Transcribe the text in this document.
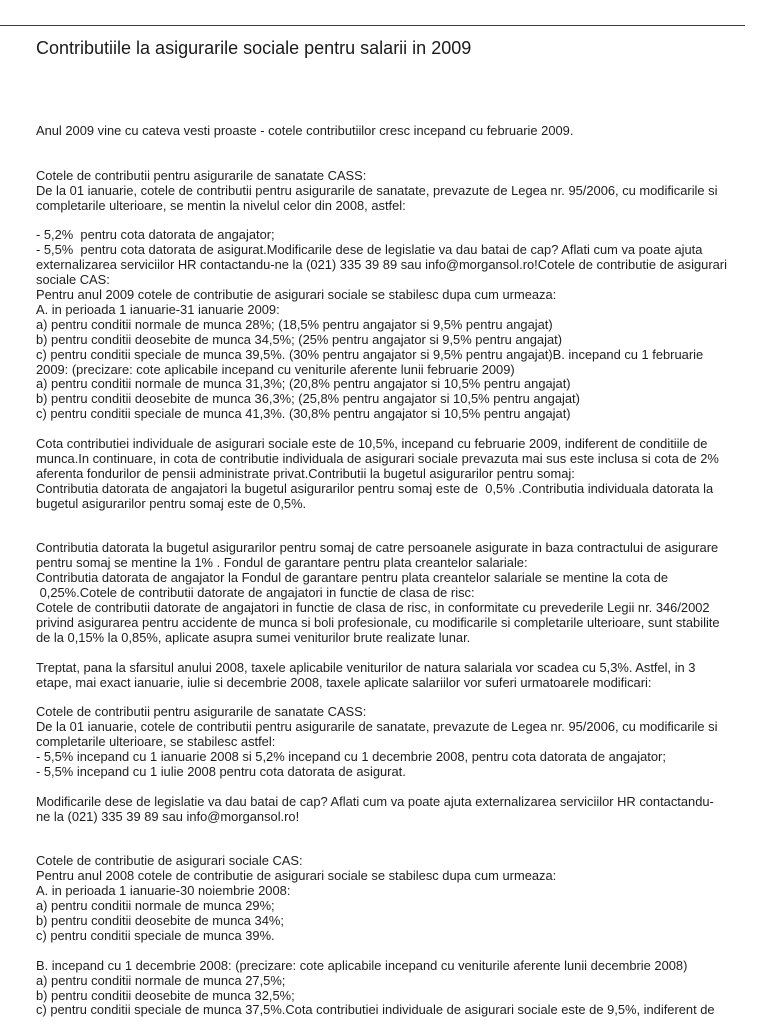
Contributiile la asigurarile sociale pentru salarii in 2009
Anul 2009 vine cu cateva vesti proaste - cotele contributiilor cresc incepand cu februarie 2009.
Cotele de contributii pentru asigurarile de sanatate CASS:
De la 01 ianuarie, cotele de contributii pentru asigurarile de sanatate, prevazute de Legea nr. 95/2006, cu modificarile si
completarile ulterioare, se mentin la nivelul celor din 2008, astfel:
- 5,2%  pentru cota datorata de angajator;
- 5,5%  pentru cota datorata de asigurat.Modificarile dese de legislatie va dau batai de cap? Aflati cum va poate ajuta
externalizarea serviciilor HR contactandu-ne la (021) 335 39 89 sau info@morgansol.ro!Cotele de contributie de asigurari
sociale CAS:
Pentru anul 2009 cotele de contributie de asigurari sociale se stabilesc dupa cum urmeaza:
A. in perioada 1 ianuarie-31 ianuarie 2009:
a) pentru conditii normale de munca 28%; (18,5% pentru angajator si 9,5% pentru angajat)
b) pentru conditii deosebite de munca 34,5%; (25% pentru angajator si 9,5% pentru angajat)
c) pentru conditii speciale de munca 39,5%. (30% pentru angajator si 9,5% pentru angajat)B. incepand cu 1 februarie
2009: (precizare: cote aplicabile incepand cu veniturile aferente lunii februarie 2009)
a) pentru conditii normale de munca 31,3%; (20,8% pentru angajator si 10,5% pentru angajat)
b) pentru conditii deosebite de munca 36,3%; (25,8% pentru angajator si 10,5% pentru angajat)
c) pentru conditii speciale de munca 41,3%. (30,8% pentru angajator si 10,5% pentru angajat)
Cota contributiei individuale de asigurari sociale este de 10,5%, incepand cu februarie 2009, indiferent de conditiile de
munca.In continuare, in cota de contributie individuala de asigurari sociale prevazuta mai sus este inclusa si cota de 2%
aferenta fondurilor de pensii administrate privat.Contributii la bugetul asigurarilor pentru somaj:
Contributia datorata de angajatori la bugetul asigurarilor pentru somaj este de  0,5% .Contributia individuala datorata la
bugetul asigurarilor pentru somaj este de 0,5%.
Contributia datorata la bugetul asigurarilor pentru somaj de catre persoanele asigurate in baza contractului de asigurare
pentru somaj se mentine la 1% . Fondul de garantare pentru plata creantelor salariale:
Contributia datorata de angajator la Fondul de garantare pentru plata creantelor salariale se mentine la cota de
0,25%.Cotele de contributii datorate de angajatori in functie de clasa de risc:
Cotele de contributii datorate de angajatori in functie de clasa de risc, in conformitate cu prevederile Legii nr. 346/2002
privind asigurarea pentru accidente de munca si boli profesionale, cu modificarile si completarile ulterioare, sunt stabilite
de la 0,15% la 0,85%, aplicate asupra sumei veniturilor brute realizate lunar.
Treptat, pana la sfarsitul anului 2008, taxele aplicabile veniturilor de natura salariala vor scadea cu 5,3%. Astfel, in 3
etape, mai exact ianuarie, iulie si decembrie 2008, taxele aplicate salariilor vor suferi urmatoarele modificari:
Cotele de contributii pentru asigurarile de sanatate CASS:
De la 01 ianuarie, cotele de contributii pentru asigurarile de sanatate, prevazute de Legea nr. 95/2006, cu modificarile si
completarile ulterioare, se stabilesc astfel:
- 5,5% incepand cu 1 ianuarie 2008 si 5,2% incepand cu 1 decembrie 2008, pentru cota datorata de angajator;
- 5,5% incepand cu 1 iulie 2008 pentru cota datorata de asigurat.
Modificarile dese de legislatie va dau batai de cap? Aflati cum va poate ajuta externalizarea serviciilor HR contactandu-
ne la (021) 335 39 89 sau info@morgansol.ro!
Cotele de contributie de asigurari sociale CAS:
Pentru anul 2008 cotele de contributie de asigurari sociale se stabilesc dupa cum urmeaza:
A. in perioada 1 ianuarie-30 noiembrie 2008:
a) pentru conditii normale de munca 29%;
b) pentru conditii deosebite de munca 34%;
c) pentru conditii speciale de munca 39%.
B. incepand cu 1 decembrie 2008: (precizare: cote aplicabile incepand cu veniturile aferente lunii decembrie 2008)
a) pentru conditii normale de munca 27,5%;
b) pentru conditii deosebite de munca 32,5%;
c) pentru conditii speciale de munca 37,5%.Cota contributiei individuale de asigurari sociale este de 9,5%, indiferent de
